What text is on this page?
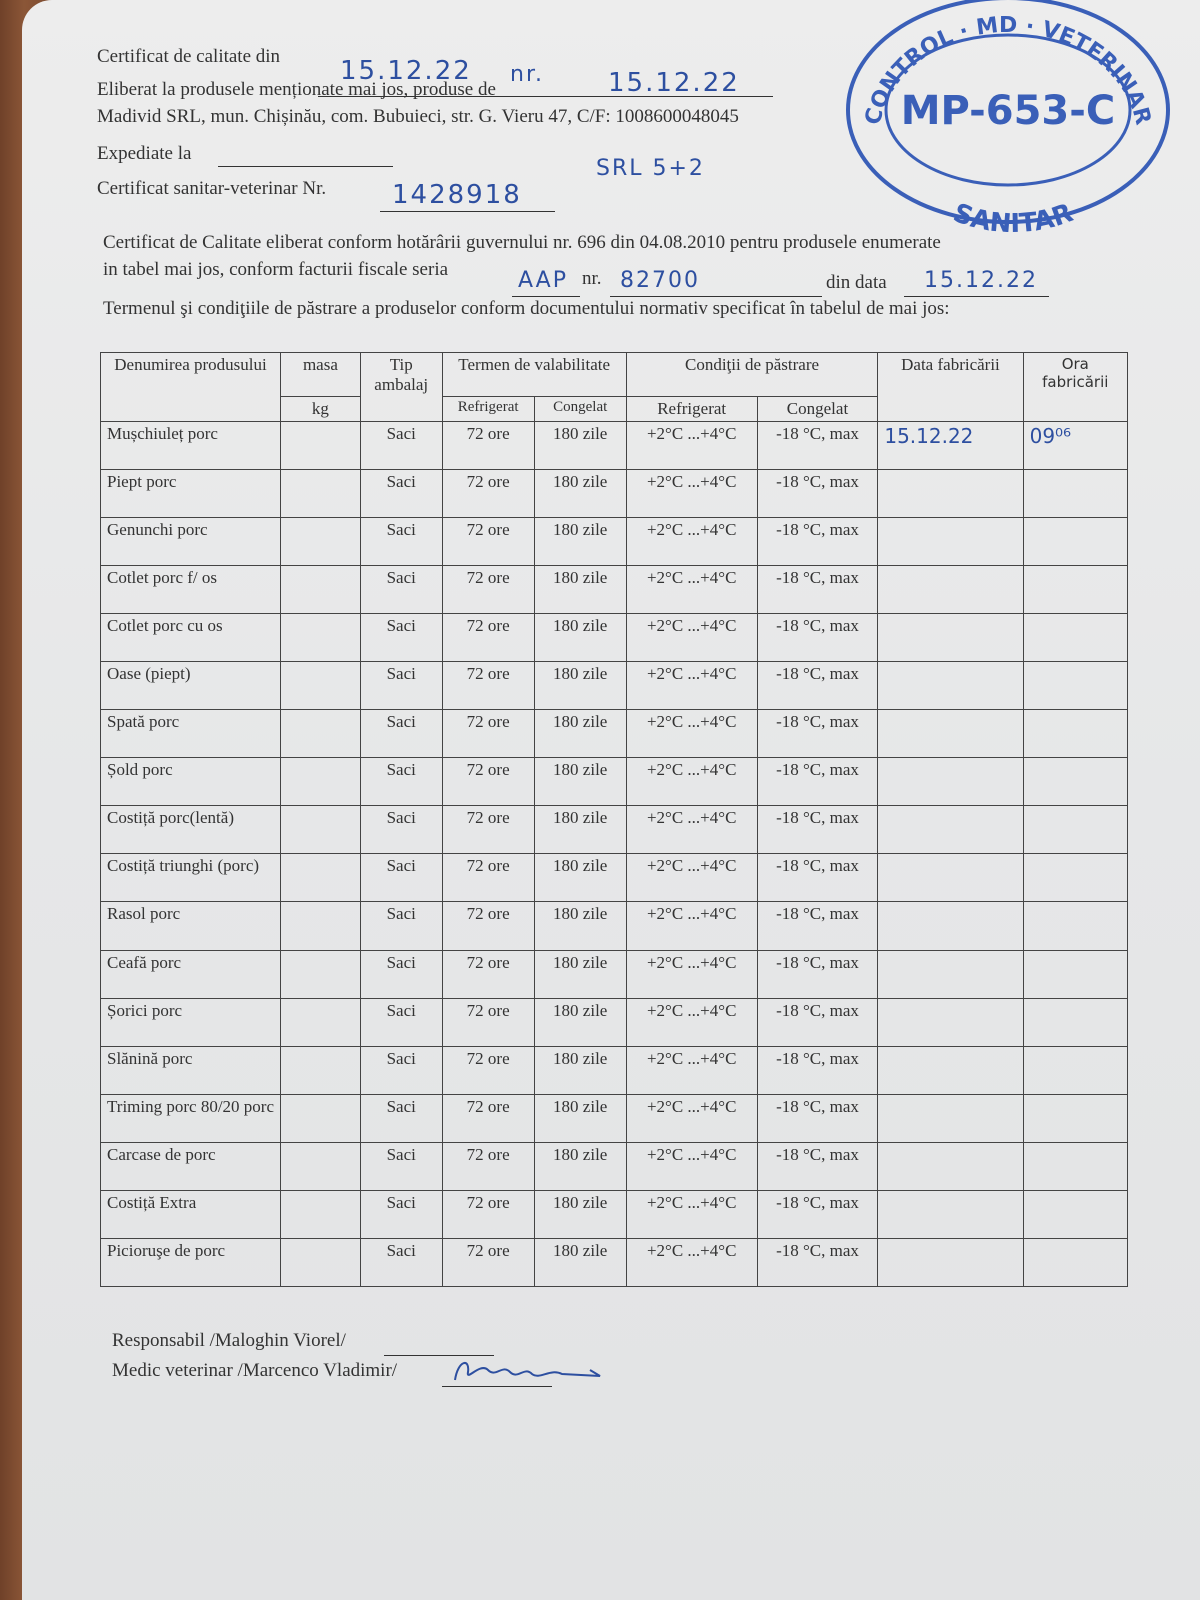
Certificat de calitate din 15.12.22 nr. 15.12.22
Eliberat la produsele menționate mai jos, produse de
Madivid SRL, mun. Chișinău, com. Bubuieci, str. G. Vieru 47, C/F: 1008600048045
Expediate la
SRL 5+2
Certificat sanitar-veterinar Nr.	1428918
CONTROL · MD · VETERINAR
SANITAR
MP-653-C
Certificat de Calitate eliberat conform hotărârii guvernului nr. 696 din 04.08.2010 pentru produsele enumerate
in tabel mai jos, conform facturii fiscale seria	AAP nr. 82700	din data 15.12.22
Termenul şi condiţiile de păstrare a produselor conform documentului normativ specificat în tabelul de mai jos:
Denumirea produsului	masa	Tip ambalaj	Termen de valabilitate		Condiţii de păstrare		Data fabricării	Ora fabricării
	kg		Refrigerat	Congelat	Refrigerat	Congelat		
Mușchiuleț porc		Saci	72 ore	180 zile	+2°C ...+4°C	-18 °C, max	15.12.22	09⁰⁶
Piept porc		Saci	72 ore	180 zile	+2°C ...+4°C	-18 °C, max		
Genunchi porc		Saci	72 ore	180 zile	+2°C ...+4°C	-18 °C, max		
Cotlet porc f/ os		Saci	72 ore	180 zile	+2°C ...+4°C	-18 °C, max		
Cotlet porc cu os		Saci	72 ore	180 zile	+2°C ...+4°C	-18 °C, max		
Oase (piept)		Saci	72 ore	180 zile	+2°C ...+4°C	-18 °C, max		
Spată porc		Saci	72 ore	180 zile	+2°C ...+4°C	-18 °C, max		
Șold porc		Saci	72 ore	180 zile	+2°C ...+4°C	-18 °C, max		
Costiță porc(lentă)		Saci	72 ore	180 zile	+2°C ...+4°C	-18 °C, max		
Costiță triunghi (porc)		Saci	72 ore	180 zile	+2°C ...+4°C	-18 °C, max		
Rasol porc		Saci	72 ore	180 zile	+2°C ...+4°C	-18 °C, max		
Ceafă porc		Saci	72 ore	180 zile	+2°C ...+4°C	-18 °C, max		
Șorici porc		Saci	72 ore	180 zile	+2°C ...+4°C	-18 °C, max		
Slănină porc		Saci	72 ore	180 zile	+2°C ...+4°C	-18 °C, max		
Triming porc 80/20 porc		Saci	72 ore	180 zile	+2°C ...+4°C	-18 °C, max		
Carcase de porc		Saci	72 ore	180 zile	+2°C ...+4°C	-18 °C, max		
Costiță Extra		Saci	72 ore	180 zile	+2°C ...+4°C	-18 °C, max		
Picioruşe de porc		Saci	72 ore	180 zile	+2°C ...+4°C	-18 °C, max		
Responsabil /Maloghin Viorel/
Medic veterinar /Marcenco Vladimir/
